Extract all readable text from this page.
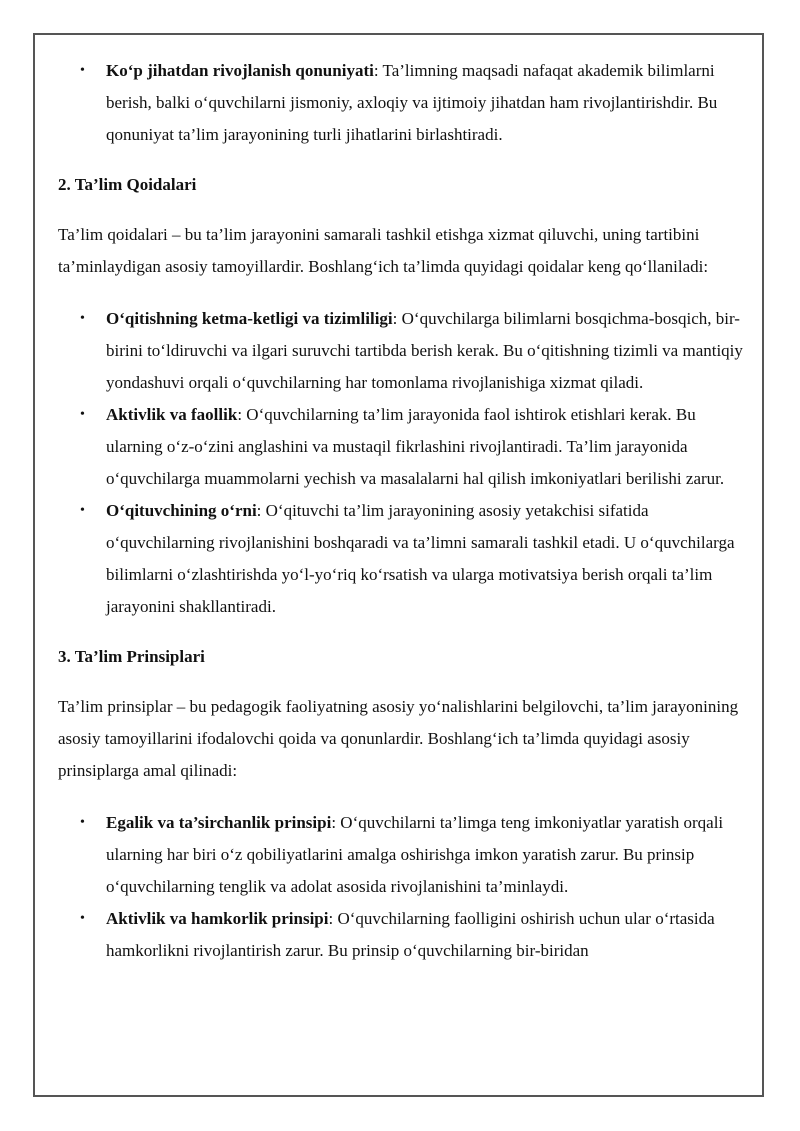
• Ko‘p jihatdan rivojlanish qonuniyati: Ta’limning maqsadi nafaqat akademik bilimlarni berish, balki o‘quvchilarni jismoniy, axloqiy va ijtimoiy jihatdan ham rivojlantirishdir. Bu qonuniyat ta’lim jarayonining turli jihatlarini birlashtiradi.

2. Ta’lim Qoidalari

Ta’lim qoidalari – bu ta’lim jarayonini samarali tashkil etishga xizmat qiluvchi, uning tartibini ta’minlaydigan asosiy tamoyillardir. Boshlang‘ich ta’limda quyidagi qoidalar keng qo‘llaniladi:

• O‘qitishning ketma-ketligi va tizimliligi: O‘quvchilarga bilimlarni bosqichma-bosqich, bir-birini to‘ldiruvchi va ilgari suruvchi tartibda berish kerak. Bu o‘qitishning tizimli va mantiqiy yondashuvi orqali o‘quvchilarning har tomonlama rivojlanishiga xizmat qiladi.
• Aktivlik va faollik: O‘quvchilarning ta’lim jarayonida faol ishtirok etishlari kerak. Bu ularning o‘z-o‘zini anglashini va mustaqil fikrlashini rivojlantiradi. Ta’lim jarayonida o‘quvchilarga muammolarni yechish va masalalarni hal qilish imkoniyatlari berilishi zarur.
• O‘qituvchining o‘rni: O‘qituvchi ta’lim jarayonining asosiy yetakchisi sifatida o‘quvchilarning rivojlanishini boshqaradi va ta’limni samarali tashkil etadi. U o‘quvchilarga bilimlarni o‘zlashtirishda yo‘l-yo‘riq ko‘rsatish va ularga motivatsiya berish orqali ta’lim jarayonini shakllantiradi.

3. Ta’lim Prinsiplari

Ta’lim prinsiplar – bu pedagogik faoliyatning asosiy yo‘nalishlarini belgilovchi, ta’lim jarayonining asosiy tamoyillarini ifodalovchi qoida va qonunlardir. Boshlang‘ich ta’limda quyidagi asosiy prinsiplarga amal qilinadi:

• Egalik va ta’sirchanlik prinsipi: O‘quvchilarni ta’limga teng imkoniyatlar yaratish orqali ularning har biri o‘z qobiliyatlarini amalga oshirishga imkon yaratish zarur. Bu prinsip o‘quvchilarning tenglik va adolat asosida rivojlanishini ta’minlaydi.
• Aktivlik va hamkorlik prinsipi: O‘quvchilarning faolligini oshirish uchun ular o‘rtasida hamkorlikni rivojlantirish zarur. Bu prinsip o‘quvchilarning bir-biridan
